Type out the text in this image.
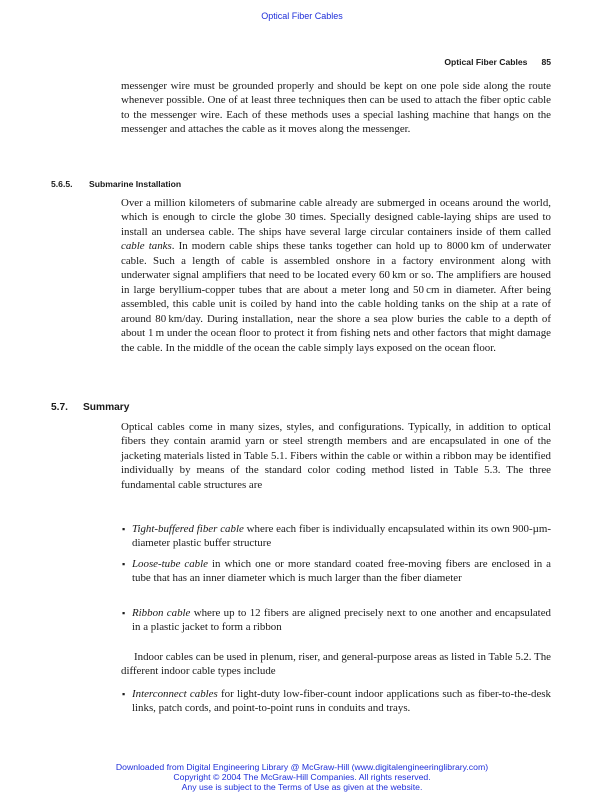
Optical Fiber Cables
Optical Fiber Cables 85

messenger wire must be grounded properly and should be kept on one pole side along the route whenever possible. One of at least three techniques then can be used to attach the fiber optic cable to the messenger wire. Each of these methods uses a special lashing machine that hangs on the messenger and attaches the cable as it moves along the messenger.

5.6.5. Submarine Installation

Over a million kilometers of submarine cable already are submerged in oceans around the world, which is enough to circle the globe 30 times. Specially designed cable-laying ships are used to install an undersea cable. The ships have several large circular containers inside of them called cable tanks. In modern cable ships these tanks together can hold up to 8000 km of underwater cable. Such a length of cable is assembled onshore in a factory environment along with underwater signal amplifiers that need to be located every 60 km or so. The amplifiers are housed in large beryllium-copper tubes that are about a meter long and 50 cm in diameter. After being assembled, this cable unit is coiled by hand into the cable holding tanks on the ship at a rate of around 80 km/day. During installation, near the shore a sea plow buries the cable to a depth of about 1 m under the ocean floor to protect it from fishing nets and other factors that might damage the cable. In the middle of the ocean the cable simply lays exposed on the ocean floor.

5.7. Summary

Optical cables come in many sizes, styles, and configurations. Typically, in addition to optical fibers they contain aramid yarn or steel strength members and are encapsulated in one of the jacketing materials listed in Table 5.1. Fibers within the cable or within a ribbon may be identified individually by means of the standard color coding method listed in Table 5.3. The three fundamental cable structures are

▪ Tight-buffered fiber cable where each fiber is individually encapsulated within its own 900-µm-diameter plastic buffer structure
▪ Loose-tube cable in which one or more standard coated free-moving fibers are enclosed in a tube that has an inner diameter which is much larger than the fiber diameter
▪ Ribbon cable where up to 12 fibers are aligned precisely next to one another and encapsulated in a plastic jacket to form a ribbon

Indoor cables can be used in plenum, riser, and general-purpose areas as listed in Table 5.2. The different indoor cable types include

▪ Interconnect cables for light-duty low-fiber-count indoor applications such as fiber-to-the-desk links, patch cords, and point-to-point runs in conduits and trays.
Downloaded from Digital Engineering Library @ McGraw-Hill (www.digitalengineeringlibrary.com)
Copyright © 2004 The McGraw-Hill Companies. All rights reserved.
Any use is subject to the Terms of Use as given at the website.
